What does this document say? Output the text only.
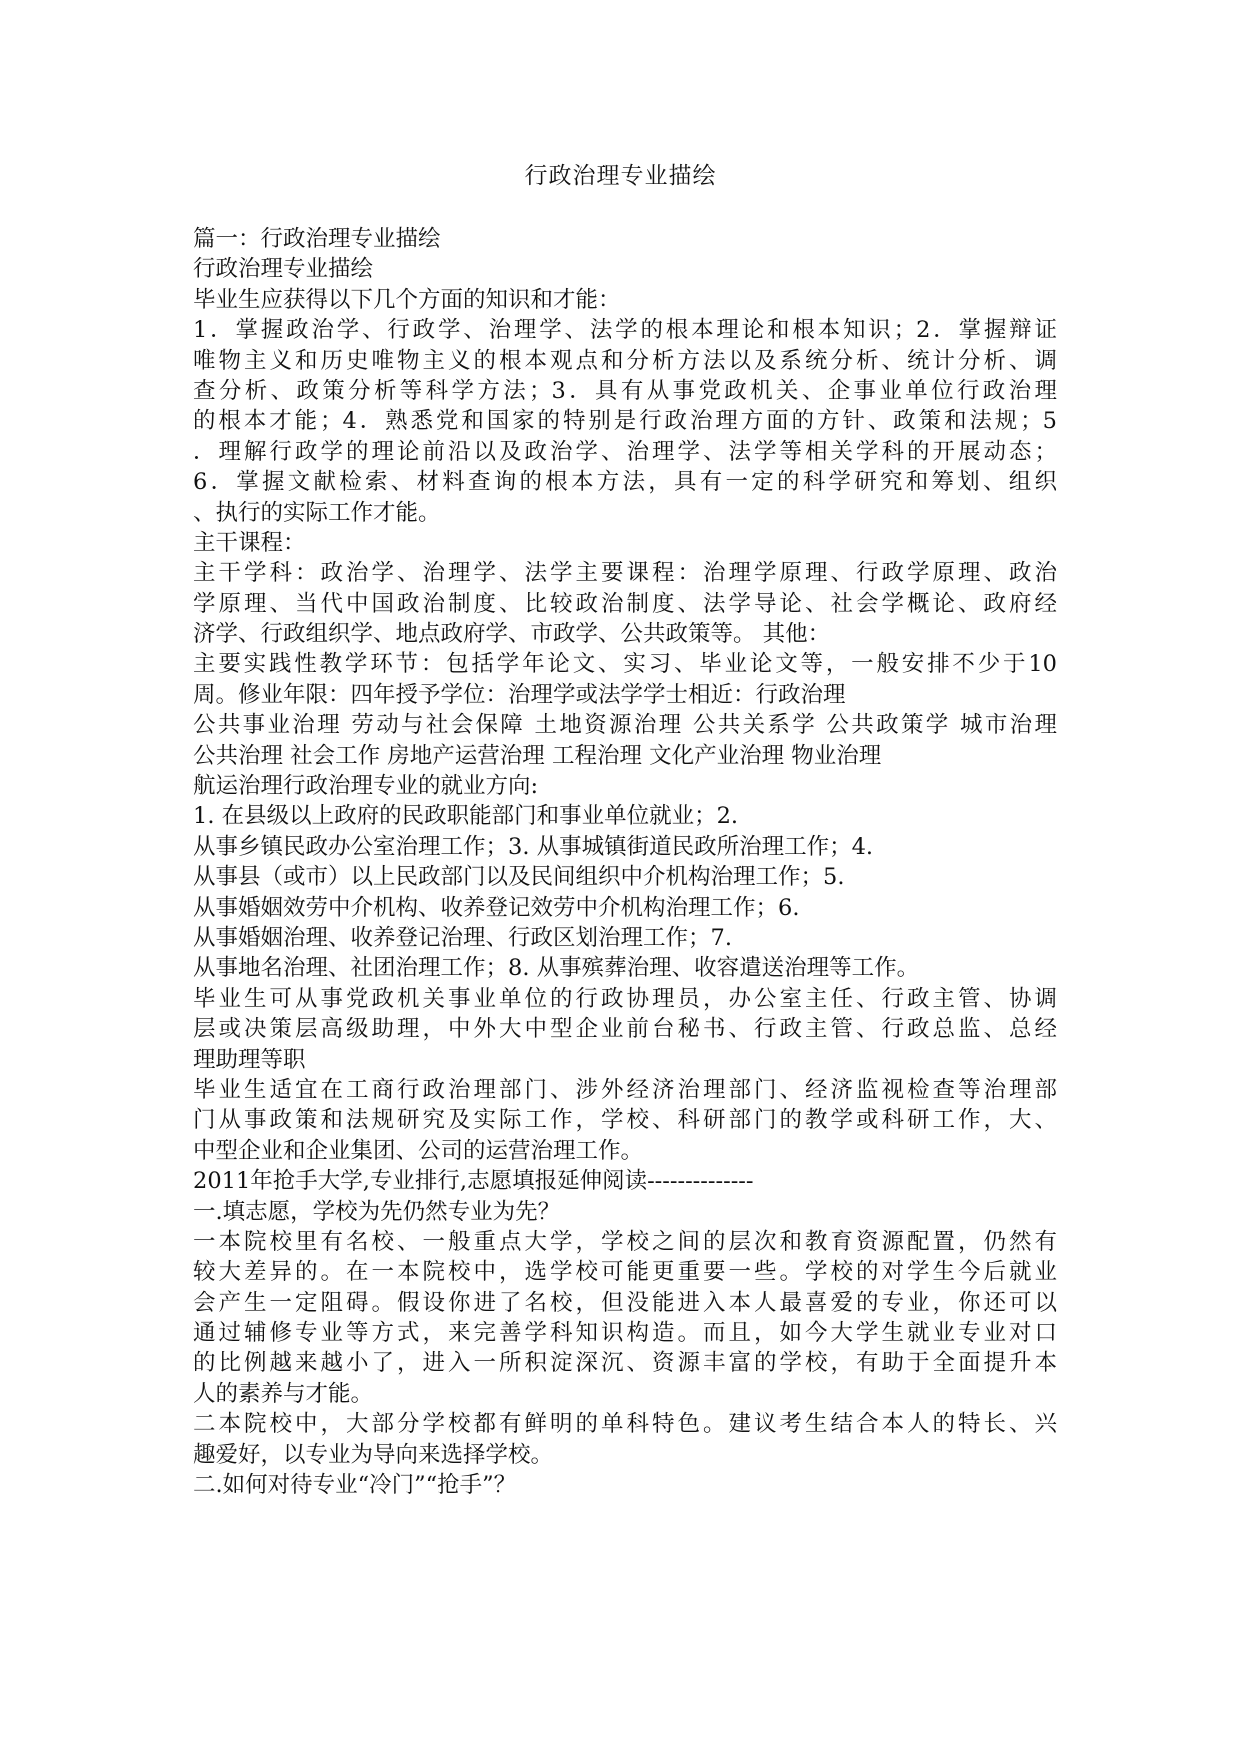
行政治理专业描绘
篇一：行政治理专业描绘
行政治理专业描绘
毕业生应获得以下几个方面的知识和才能：
1．掌握政治学、行政学、治理学、法学的根本理论和根本知识；2．掌握辩证
唯物主义和历史唯物主义的根本观点和分析方法以及系统分析、统计分析、调
查分析、政策分析等科学方法；3．具有从事党政机关、企事业单位行政治理
的根本才能；4．熟悉党和国家的特别是行政治理方面的方针、政策和法规；5
．理解行政学的理论前沿以及政治学、治理学、法学等相关学科的开展动态；
6．掌握文献检索、材料查询的根本方法，具有一定的科学研究和筹划、组织
、执行的实际工作才能。
主干课程：
主干学科：政治学、治理学、法学主要课程：治理学原理、行政学原理、政治
学原理、当代中国政治制度、比较政治制度、法学导论、社会学概论、政府经
济学、行政组织学、地点政府学、市政学、公共政策等。 其他：
主要实践性教学环节：包括学年论文、实习、毕业论文等，一般安排不少于10
周。修业年限：四年授予学位：治理学或法学学士相近：行政治理
公共事业治理 劳动与社会保障 土地资源治理 公共关系学 公共政策学 城市治理
公共治理 社会工作 房地产运营治理 工程治理 文化产业治理 物业治理
航运治理行政治理专业的就业方向:
1. 在县级以上政府的民政职能部门和事业单位就业；2.
从事乡镇民政办公室治理工作；3. 从事城镇街道民政所治理工作；4.
从事县（或市）以上民政部门以及民间组织中介机构治理工作；5.
从事婚姻效劳中介机构、收养登记效劳中介机构治理工作；6.
从事婚姻治理、收养登记治理、行政区划治理工作；7.
从事地名治理、社团治理工作；8. 从事殡葬治理、收容遣送治理等工作。
毕业生可从事党政机关事业单位的行政协理员，办公室主任、行政主管、协调
层或决策层高级助理，中外大中型企业前台秘书、行政主管、行政总监、总经
理助理等职
毕业生适宜在工商行政治理部门、涉外经济治理部门、经济监视检查等治理部
门从事政策和法规研究及实际工作，学校、科研部门的教学或科研工作，大、
中型企业和企业集团、公司的运营治理工作。
2011年抢手大学,专业排行,志愿填报延伸阅读--------------
一.填志愿，学校为先仍然专业为先？
一本院校里有名校、一般重点大学，学校之间的层次和教育资源配置，仍然有
较大差异的。在一本院校中，选学校可能更重要一些。学校的对学生今后就业
会产生一定阻碍。假设你进了名校，但没能进入本人最喜爱的专业，你还可以
通过辅修专业等方式，来完善学科知识构造。而且，如今大学生就业专业对口
的比例越来越小了，进入一所积淀深沉、资源丰富的学校，有助于全面提升本
人的素养与才能。
二本院校中，大部分学校都有鲜明的单科特色。建议考生结合本人的特长、兴
趣爱好，以专业为导向来选择学校。
二.如何对待专业“冷门”“抢手”？
